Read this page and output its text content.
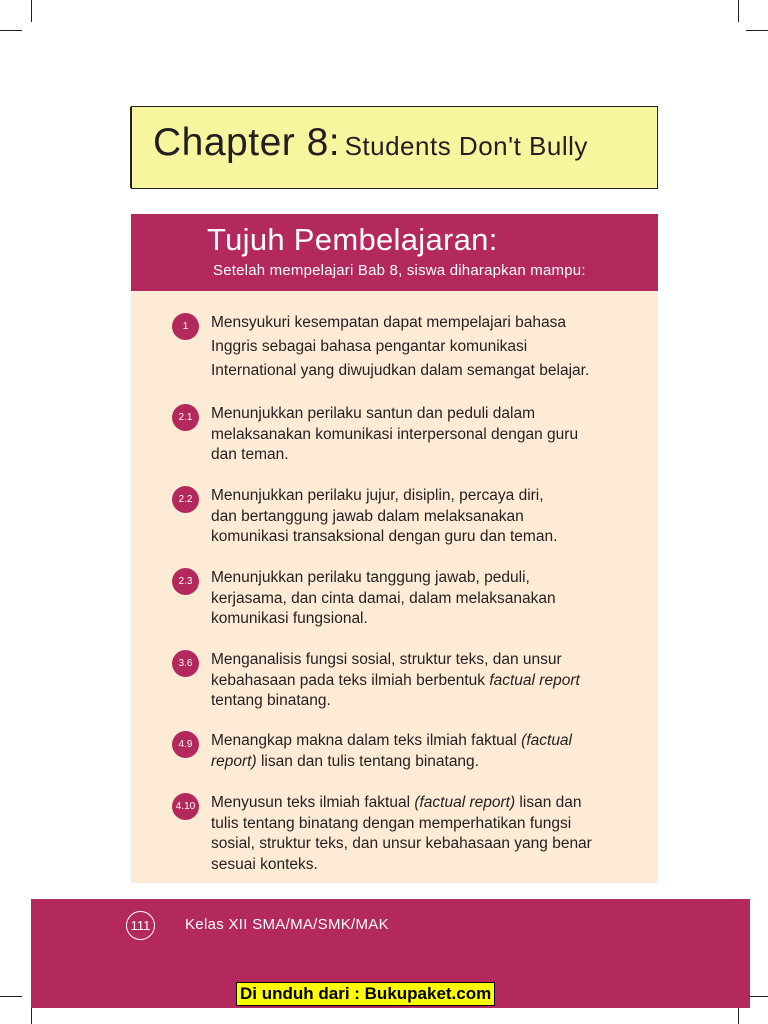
Chapter 8: Students Don't Bully
Tujuh Pembelajaran:
Setelah mempelajari Bab 8, siswa diharapkan mampu:
1	Mensyukuri kesempatan dapat mempelajari bahasa
Inggris sebagai bahasa pengantar komunikasi
International yang diwujudkan dalam semangat belajar.
2.1	Menunjukkan perilaku santun dan peduli dalam
melaksanakan komunikasi interpersonal dengan guru
dan teman.
2.2	Menunjukkan perilaku jujur, disiplin, percaya diri,
dan bertanggung jawab dalam melaksanakan
komunikasi transaksional dengan guru dan teman.
2.3	Menunjukkan perilaku tanggung jawab, peduli,
kerjasama, dan cinta damai, dalam melaksanakan
komunikasi fungsional.
3.6	Menganalisis fungsi sosial, struktur teks, dan unsur
kebahasaan pada teks ilmiah berbentuk factual report
tentang binatang.
4.9	Menangkap makna dalam teks ilmiah faktual (factual
report) lisan dan tulis tentang binatang.
4.10 Menyusun teks ilmiah faktual (factual report) lisan dan
tulis tentang binatang dengan memperhatikan fungsi
sosial, struktur teks, dan unsur kebahasaan yang benar
sesuai konteks.
111	Kelas XII SMA/MA/SMK/MAK
Di unduh dari : Bukupaket.com
